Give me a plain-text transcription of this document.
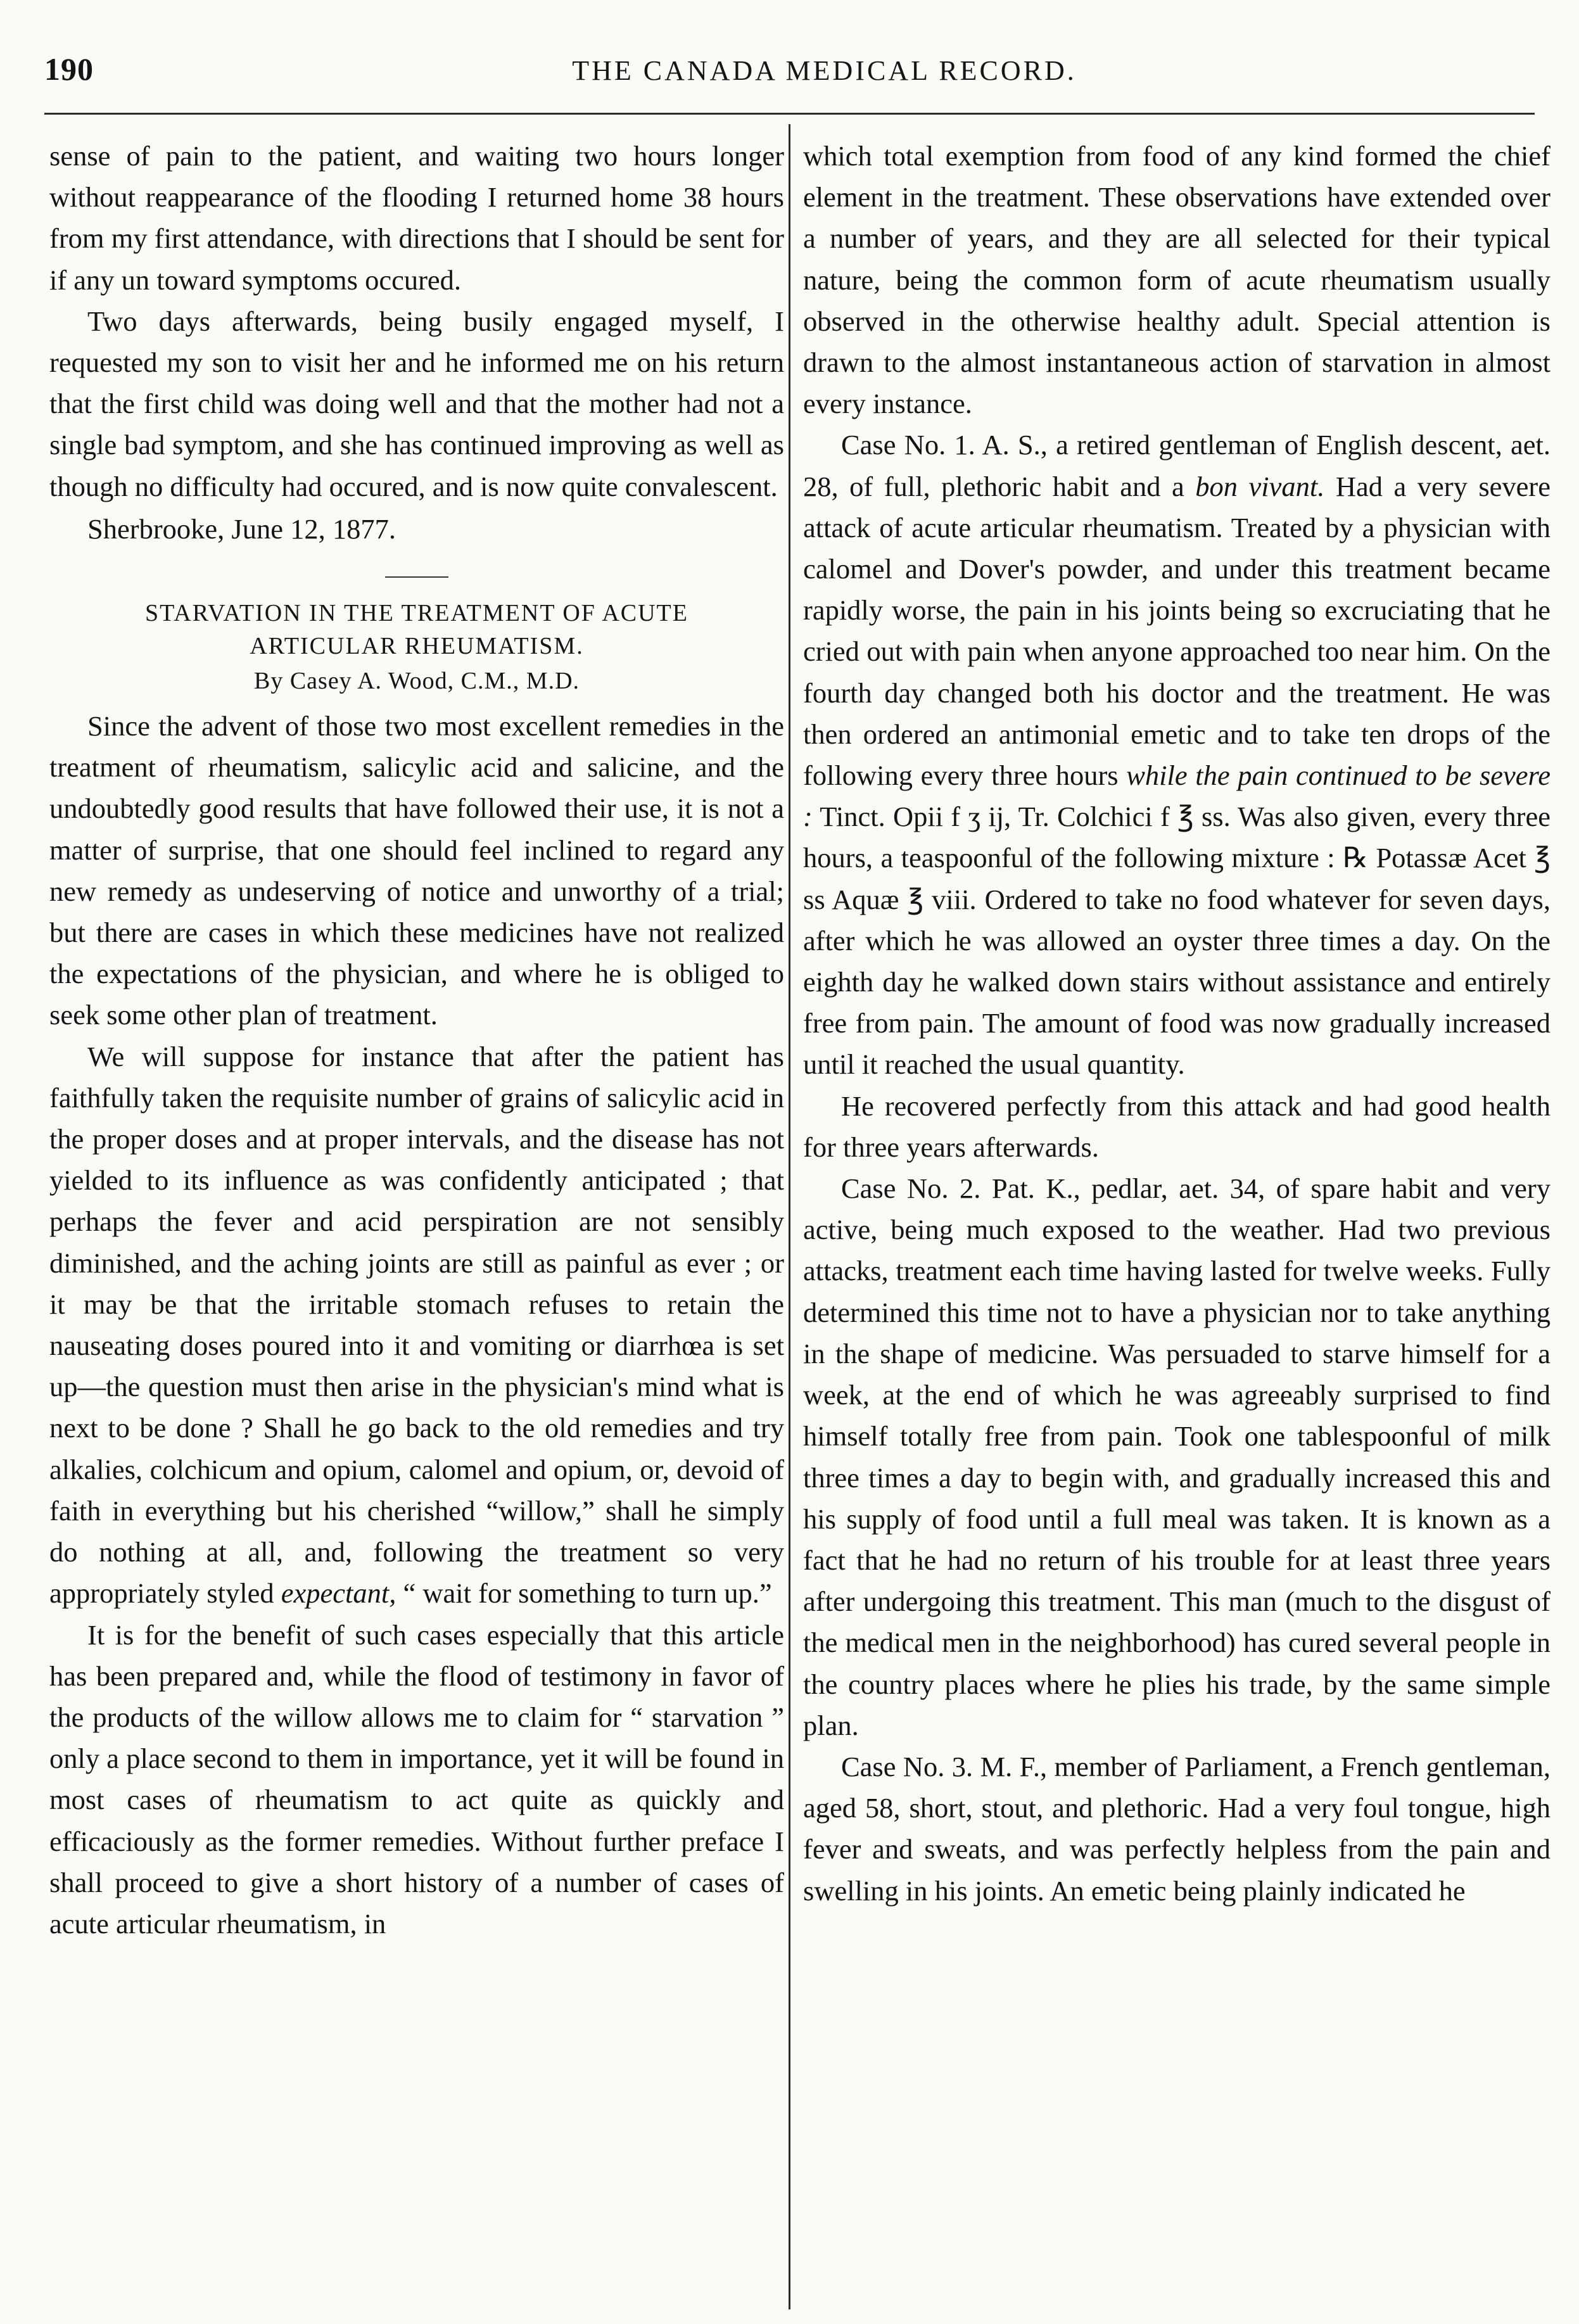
190	THE CANADA MEDICAL RECORD.

sense of pain to the patient, and waiting two hours longer without reappearance of the flooding I returned home 38 hours from my first attendance, with directions that I should be sent for if any un toward symptoms occured.

Two days afterwards, being busily engaged myself, I requested my son to visit her and he informed me on his return that the first child was doing well and that the mother had not a single bad symptom, and she has continued improving as well as though no difficulty had occured, and is now quite convalescent.

Sherbrooke, June 12, 1877.

STARVATION IN THE TREATMENT OF ACUTE ARTICULAR RHEUMATISM.

By Casey A. Wood, C.M., M.D.

Since the advent of those two most excellent remedies in the treatment of rheumatism, salicylic acid and salicine, and the undoubtedly good results that have followed their use, it is not a matter of surprise, that one should feel inclined to regard any new remedy as undeserving of notice and unworthy of a trial; but there are cases in which these medicines have not realized the expectations of the physician, and where he is obliged to seek some other plan of treatment.

We will suppose for instance that after the patient has faithfully taken the requisite number of grains of salicylic acid in the proper doses and at proper intervals, and the disease has not yielded to its influence as was confidently anticipated ; that perhaps the fever and acid perspiration are not sensibly diminished, and the aching joints are still as painful as ever ; or it may be that the irritable stomach refuses to retain the nauseating doses poured into it and vomiting or diarrhœa is set up—the question must then arise in the physician's mind what is next to be done ? Shall he go back to the old remedies and try alkalies, colchicum and opium, calomel and opium, or, devoid of faith in everything but his cherished “willow,” shall he simply do nothing at all, and, following the treatment so very appropriately styled expectant, “ wait for something to turn up.”

It is for the benefit of such cases especially that this article has been prepared and, while the flood of testimony in favor of the products of the willow allows me to claim for “ starvation ” only a place second to them in importance, yet it will be found in most cases of rheumatism to act quite as quickly and efficaciously as the former remedies. Without further preface I shall proceed to give a short history of a number of cases of acute articular rheumatism, in

which total exemption from food of any kind formed the chief element in the treatment. These observations have extended over a number of years, and they are all selected for their typical nature, being the common form of acute rheumatism usually observed in the otherwise healthy adult. Special attention is drawn to the almost instantaneous action of starvation in almost every instance.

Case No. 1. A. S., a retired gentleman of English descent, aet. 28, of full, plethoric habit and a bon vivant. Had a very severe attack of acute articular rheumatism. Treated by a physician with calomel and Dover's powder, and under this treatment became rapidly worse, the pain in his joints being so excruciating that he cried out with pain when anyone approached too near him. On the fourth day changed both his doctor and the treatment. He was then ordered an antimonial emetic and to take ten drops of the following every three hours while the pain continued to be severe : Tinct. Opii f ʒ ij, Tr. Colchici f ℥ ss. Was also given, every three hours, a teaspoonful of the following mixture : ℞ Potassæ Acet ℥ ss Aquæ ℥ viii. Ordered to take no food whatever for seven days, after which he was allowed an oyster three times a day. On the eighth day he walked down stairs without assistance and entirely free from pain. The amount of food was now gradually increased until it reached the usual quantity.

He recovered perfectly from this attack and had good health for three years afterwards.

Case No. 2. Pat. K., pedlar, aet. 34, of spare habit and very active, being much exposed to the weather. Had two previous attacks, treatment each time having lasted for twelve weeks. Fully determined this time not to have a physician nor to take anything in the shape of medicine. Was persuaded to starve himself for a week, at the end of which he was agreeably surprised to find himself totally free from pain. Took one tablespoonful of milk three times a day to begin with, and gradually increased this and his supply of food until a full meal was taken. It is known as a fact that he had no return of his trouble for at least three years after undergoing this treatment. This man (much to the disgust of the medical men in the neighborhood) has cured several people in the country places where he plies his trade, by the same simple plan.

Case No. 3. M. F., member of Parliament, a French gentleman, aged 58, short, stout, and plethoric. Had a very foul tongue, high fever and sweats, and was perfectly helpless from the pain and swelling in his joints. An emetic being plainly indicated he
